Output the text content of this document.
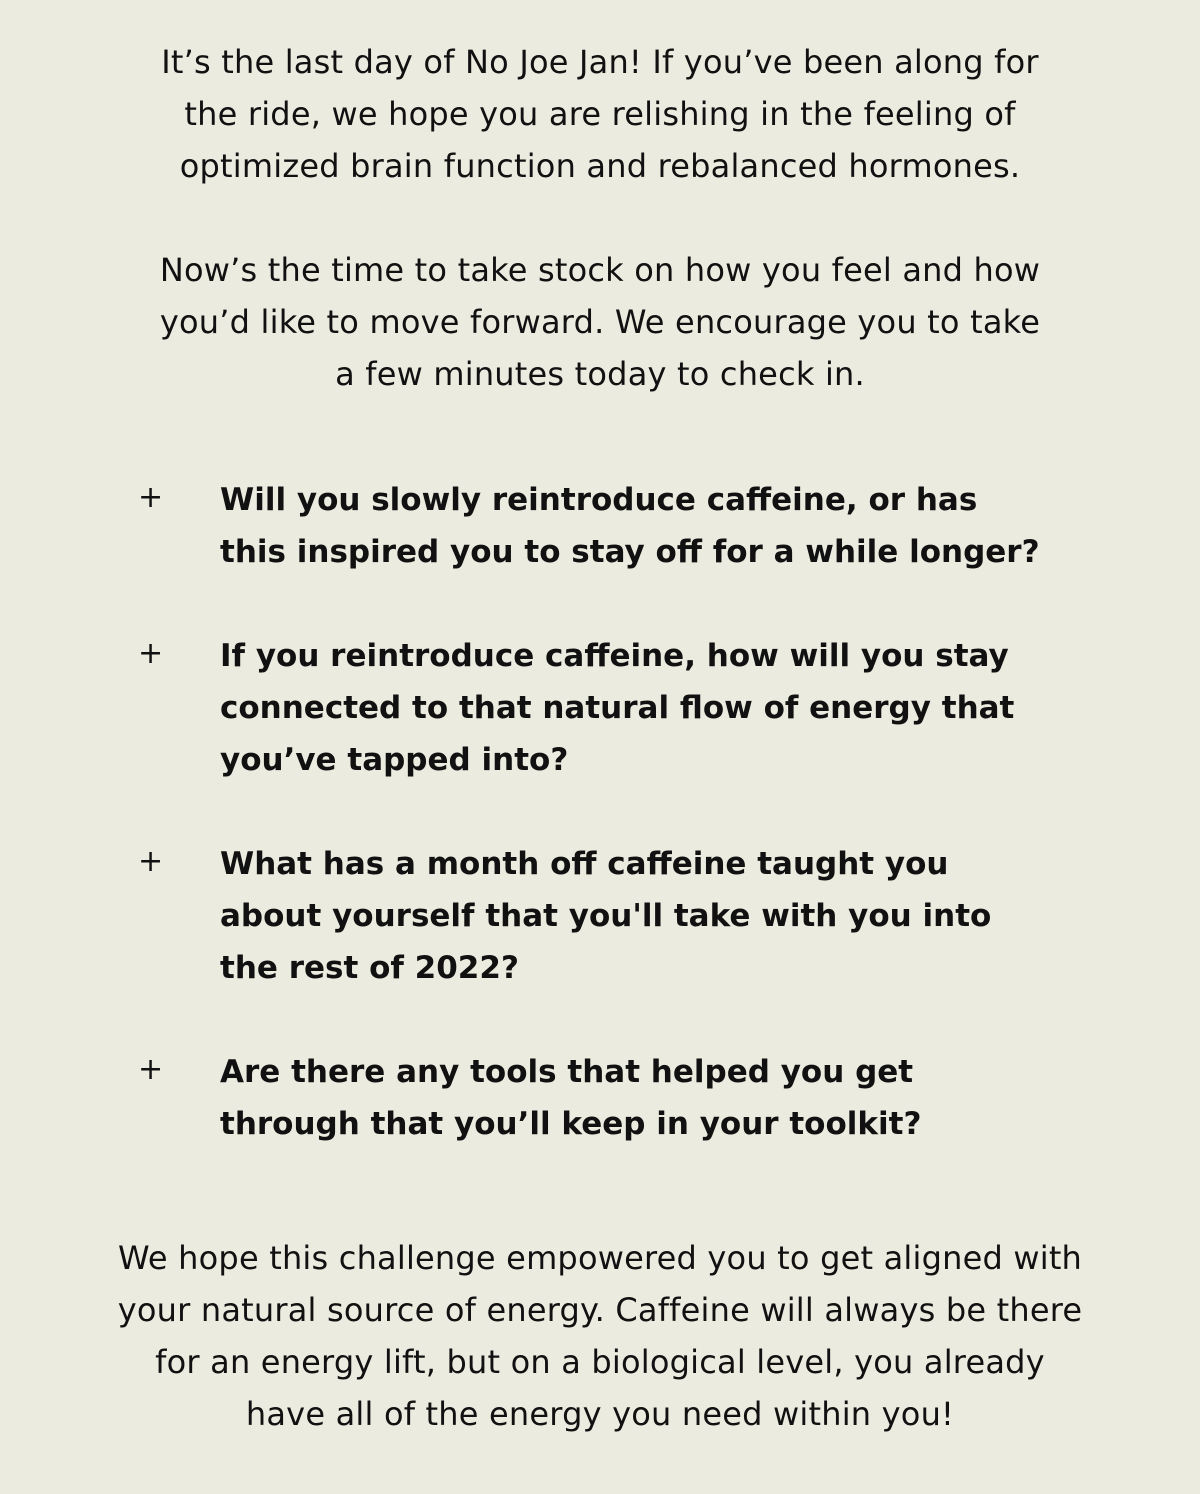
It’s the last day of No Joe Jan! If you’ve been along for
the ride, we hope you are relishing in the feeling of
optimized brain function and rebalanced hormones.

Now’s the time to take stock on how you feel and how
you’d like to move forward. We encourage you to take
a few minutes today to check in.

+ Will you slowly reintroduce caffeine, or has
this inspired you to stay off for a while longer?
+ If you reintroduce caffeine, how will you stay
connected to that natural flow of energy that
you’ve tapped into?
+ What has a month off caffeine taught you
about yourself that you'll take with you into
the rest of 2022?
+ Are there any tools that helped you get
through that you’ll keep in your toolkit?

We hope this challenge empowered you to get aligned with
your natural source of energy. Caffeine will always be there
for an energy lift, but on a biological level, you already
have all of the energy you need within you!
